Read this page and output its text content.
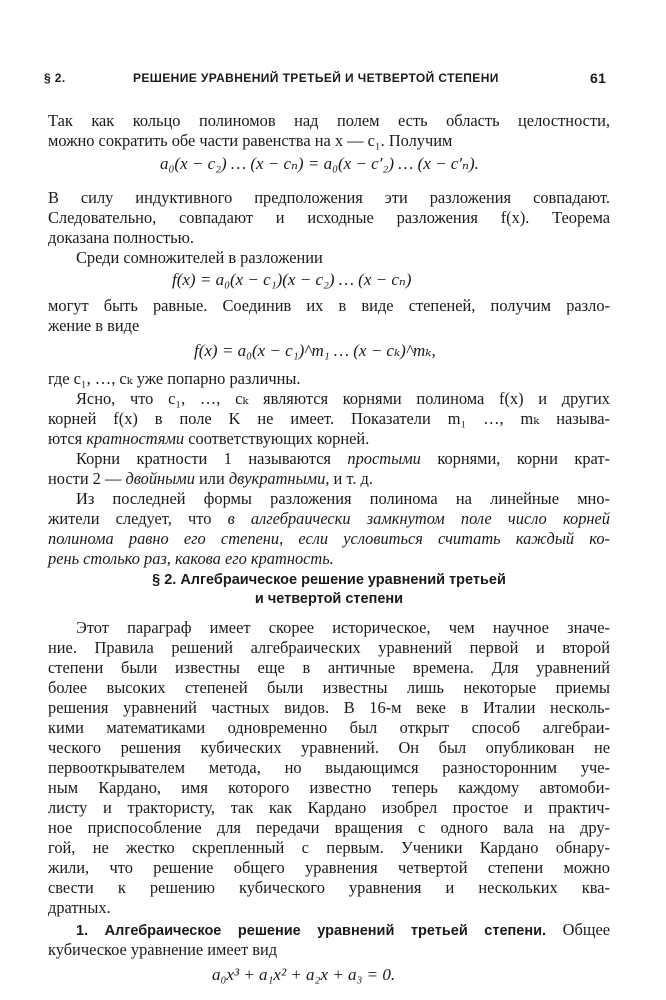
§ 2.	РЕШЕНИЕ УРАВНЕНИЙ ТРЕТЬЕЙ И ЧЕТВЕРТОЙ СТЕПЕНИ	61
Так как кольцо полиномов над полем есть область целостности,
можно сократить обе части равенства на x — c₁. Получим
a₀(x − c₂) … (x − cₙ) = a₀(x − c′₂) … (x − c′ₙ).
В силу индуктивного предположения эти разложения совпадают.
Следовательно, совпадают и исходные разложения f(x). Теорема
доказана полностью.
Среди сомножителей в разложении
f(x) = a₀(x − c₁)(x − c₂) … (x − cₙ)
могут быть равные. Соединив их в виде степеней, получим разло-
жение в виде
f(x) = a₀(x − c₁)^m₁ … (x − cₖ)^mₖ,
где c₁, …, cₖ уже попарно различны.
Ясно, что c₁, …, cₖ являются корнями полинома f(x) и других
корней f(x) в поле K не имеет. Показатели m₁ …, mₖ называ-
ются кратностями соответствующих корней.
Корни кратности 1 называются простыми корнями, корни крат-
ности 2 — двойными или двукратными, и т. д.
Из последней формы разложения полинома на линейные мно-
жители следует, что в алгебраически замкнутом поле число корней
полинома равно его степени, если условиться считать каждый ко-
рень столько раз, какова его кратность.
§ 2. Алгебраическое решение уравнений третьей
и четвертой степени
Этот параграф имеет скорее историческое, чем научное значе-
ние. Правила решений алгебраических уравнений первой и второй
степени были известны еще в античные времена. Для уравнений
более высоких степеней были известны лишь некоторые приемы
решения уравнений частных видов. В 16-м веке в Италии несколь-
кими математиками одновременно был открыт способ алгебраи-
ческого решения кубических уравнений. Он был опубликован не
первооткрывателем метода, но выдающимся разносторонним уче-
ным Кардано, имя которого известно теперь каждому автомоби-
листу и трактористу, так как Кардано изобрел простое и практич-
ное приспособление для передачи вращения с одного вала на дру-
гой, не жестко скрепленный с первым. Ученики Кардано обнару-
жили, что решение общего уравнения четвертой степени можно
свести к решению кубического уравнения и нескольких ква-
дратных.
1. Алгебраическое решение уравнений третьей степени. Общее
кубическое уравнение имеет вид
a₀x³ + a₁x² + a₂x + a₃ = 0.
